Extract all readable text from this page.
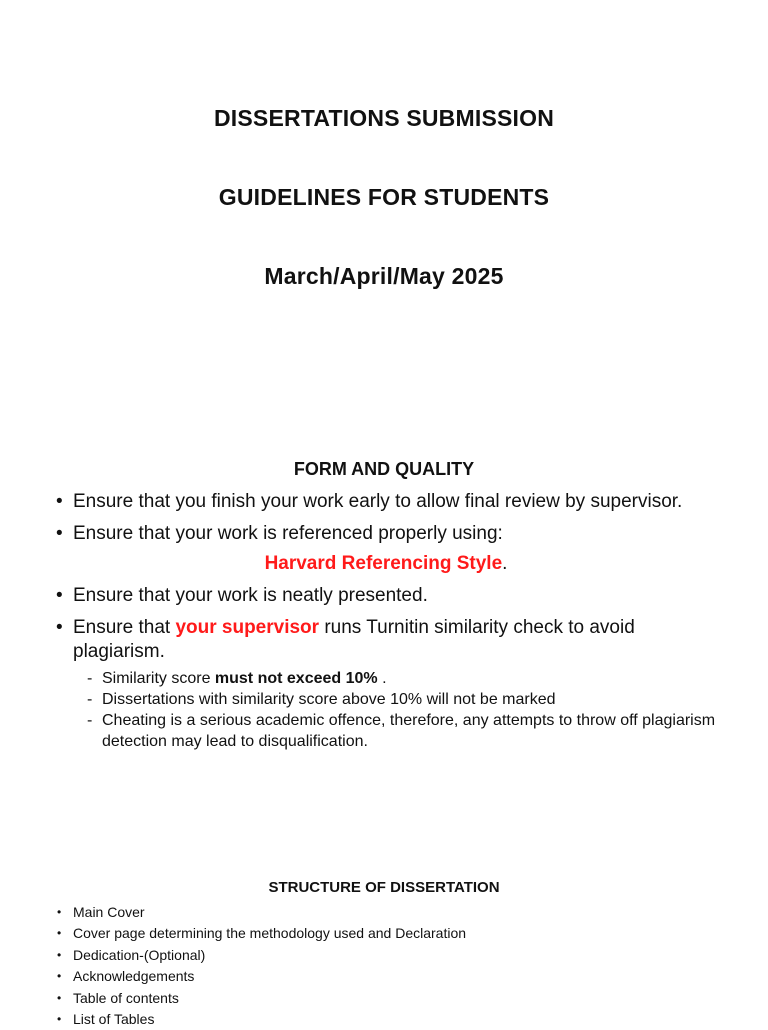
DISSERTATIONS SUBMISSION
GUIDELINES FOR STUDENTS
March/April/May 2025
FORM AND QUALITY
• Ensure that you finish your work early to allow final review by supervisor.
• Ensure that your work is referenced properly using:
Harvard Referencing Style.
• Ensure that your work is neatly presented.
• Ensure that your supervisor runs Turnitin similarity check to avoid plagiarism.
- Similarity score must not exceed 10% .
- Dissertations with similarity score above 10% will not be marked
- Cheating is a serious academic offence, therefore, any attempts to throw off plagiarism detection may lead to disqualification.
STRUCTURE OF DISSERTATION
• Main Cover
• Cover page determining the methodology used and Declaration
• Dedication-(Optional)
• Acknowledgements
• Table of contents
• List of Tables
